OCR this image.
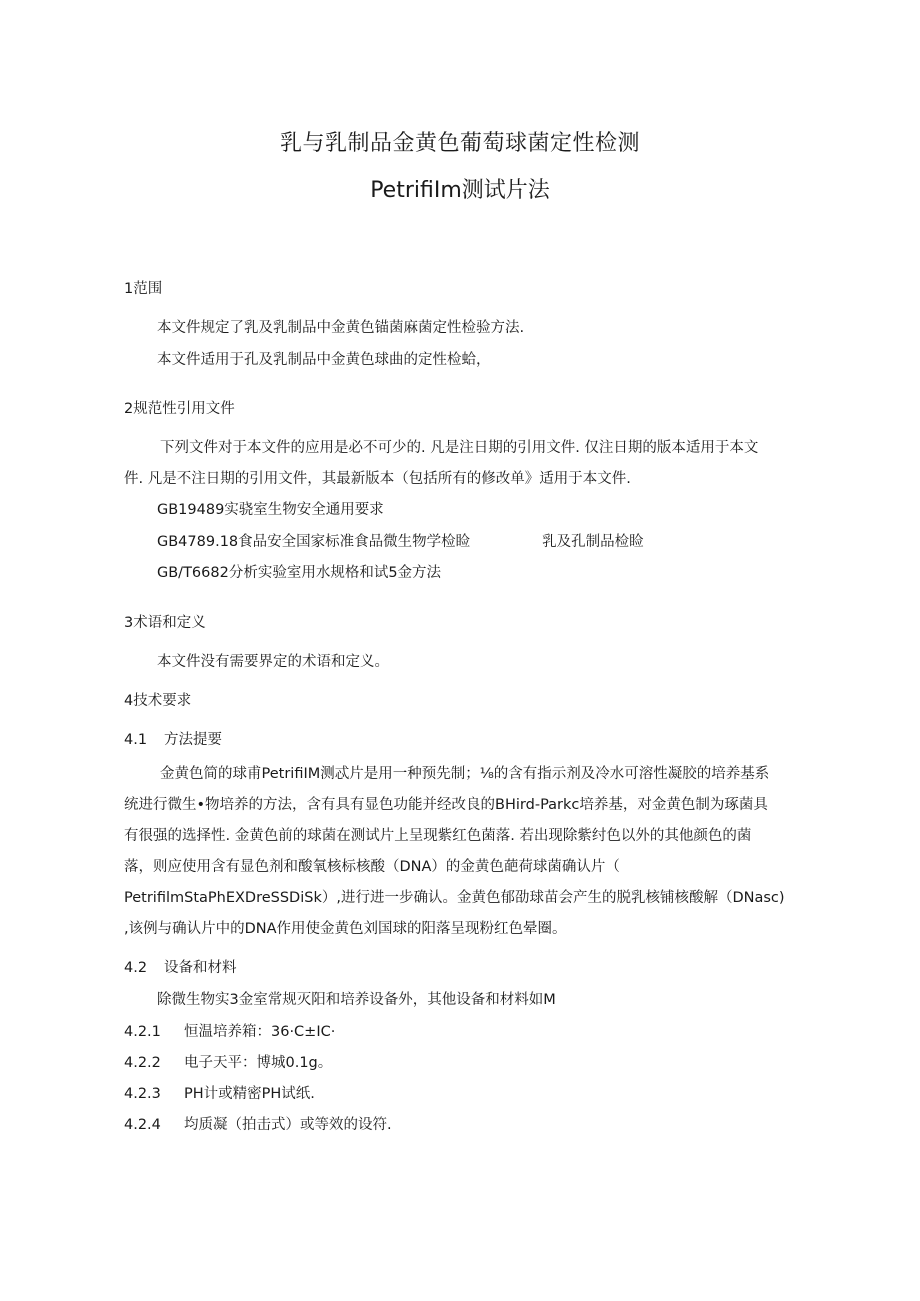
乳与乳制品金黄色葡萄球菌定性检测
PetrifiIm测试片法
1范围
本文件规定了乳及乳制品中金黄色锚菌麻菌定性检验方法.
本文件适用于孔及乳制品中金黄色球曲的定性检蛤，
2规范性引用文件
下列文件对于本文件的应用是必不可少的. 凡是注日期的引用文件. 仅注日期的版本适用于本文
件. 凡是不注日期的引用文件，其最新版本（包括所有的修改单》适用于本文件.
GB19489实骁室生物安全通用要求
GB4789.18食品安全国家标准食品微生物学检睑	乳及孔制品检睑
GB/T6682分析实验室用水规格和试5金方法
3术语和定义
本文件没有需要界定的术语和定义。
4技术要求
4.1 方法提要
金黄色简的球甫PetrifiIM测忒片是用一种预先制；⅛的含有指示剂及冷水可溶性凝胶的培养基系
统进行微生•物培养的方法，含有具有显色功能并经改良的BHird-Parkc培养基，对金黄色制为琢菌具
有很强的选择性. 金黄色前的球菌在测试片上呈现紫红色菌落. 若出现除紫纣色以外的其他颜色的菌
落，则应使用含有显色剂和酸氧核标核酸（DNA）的金黄色葩荷球菌确认片（
PetrifilmStaPhEXDreSSDiSk）,进行进一步确认。金黄色郁劭球苗会产生的脱乳核铺核酸解（DNasc)
,该例与确认片中的DNA作用使金黄色刘国球的阳落呈现粉红色晕圈。
4.2 设备和材料
除微生物实3金室常规灭阳和培养设备外，其他设备和材料如M
4.2.1 恒温培养箱：36·C±IC·
4.2.2 电子天平：博城0.1g。
4.2.3 PH计或精密PH试纸.
4.2.4 均质凝（拍击式）或等效的设符.
